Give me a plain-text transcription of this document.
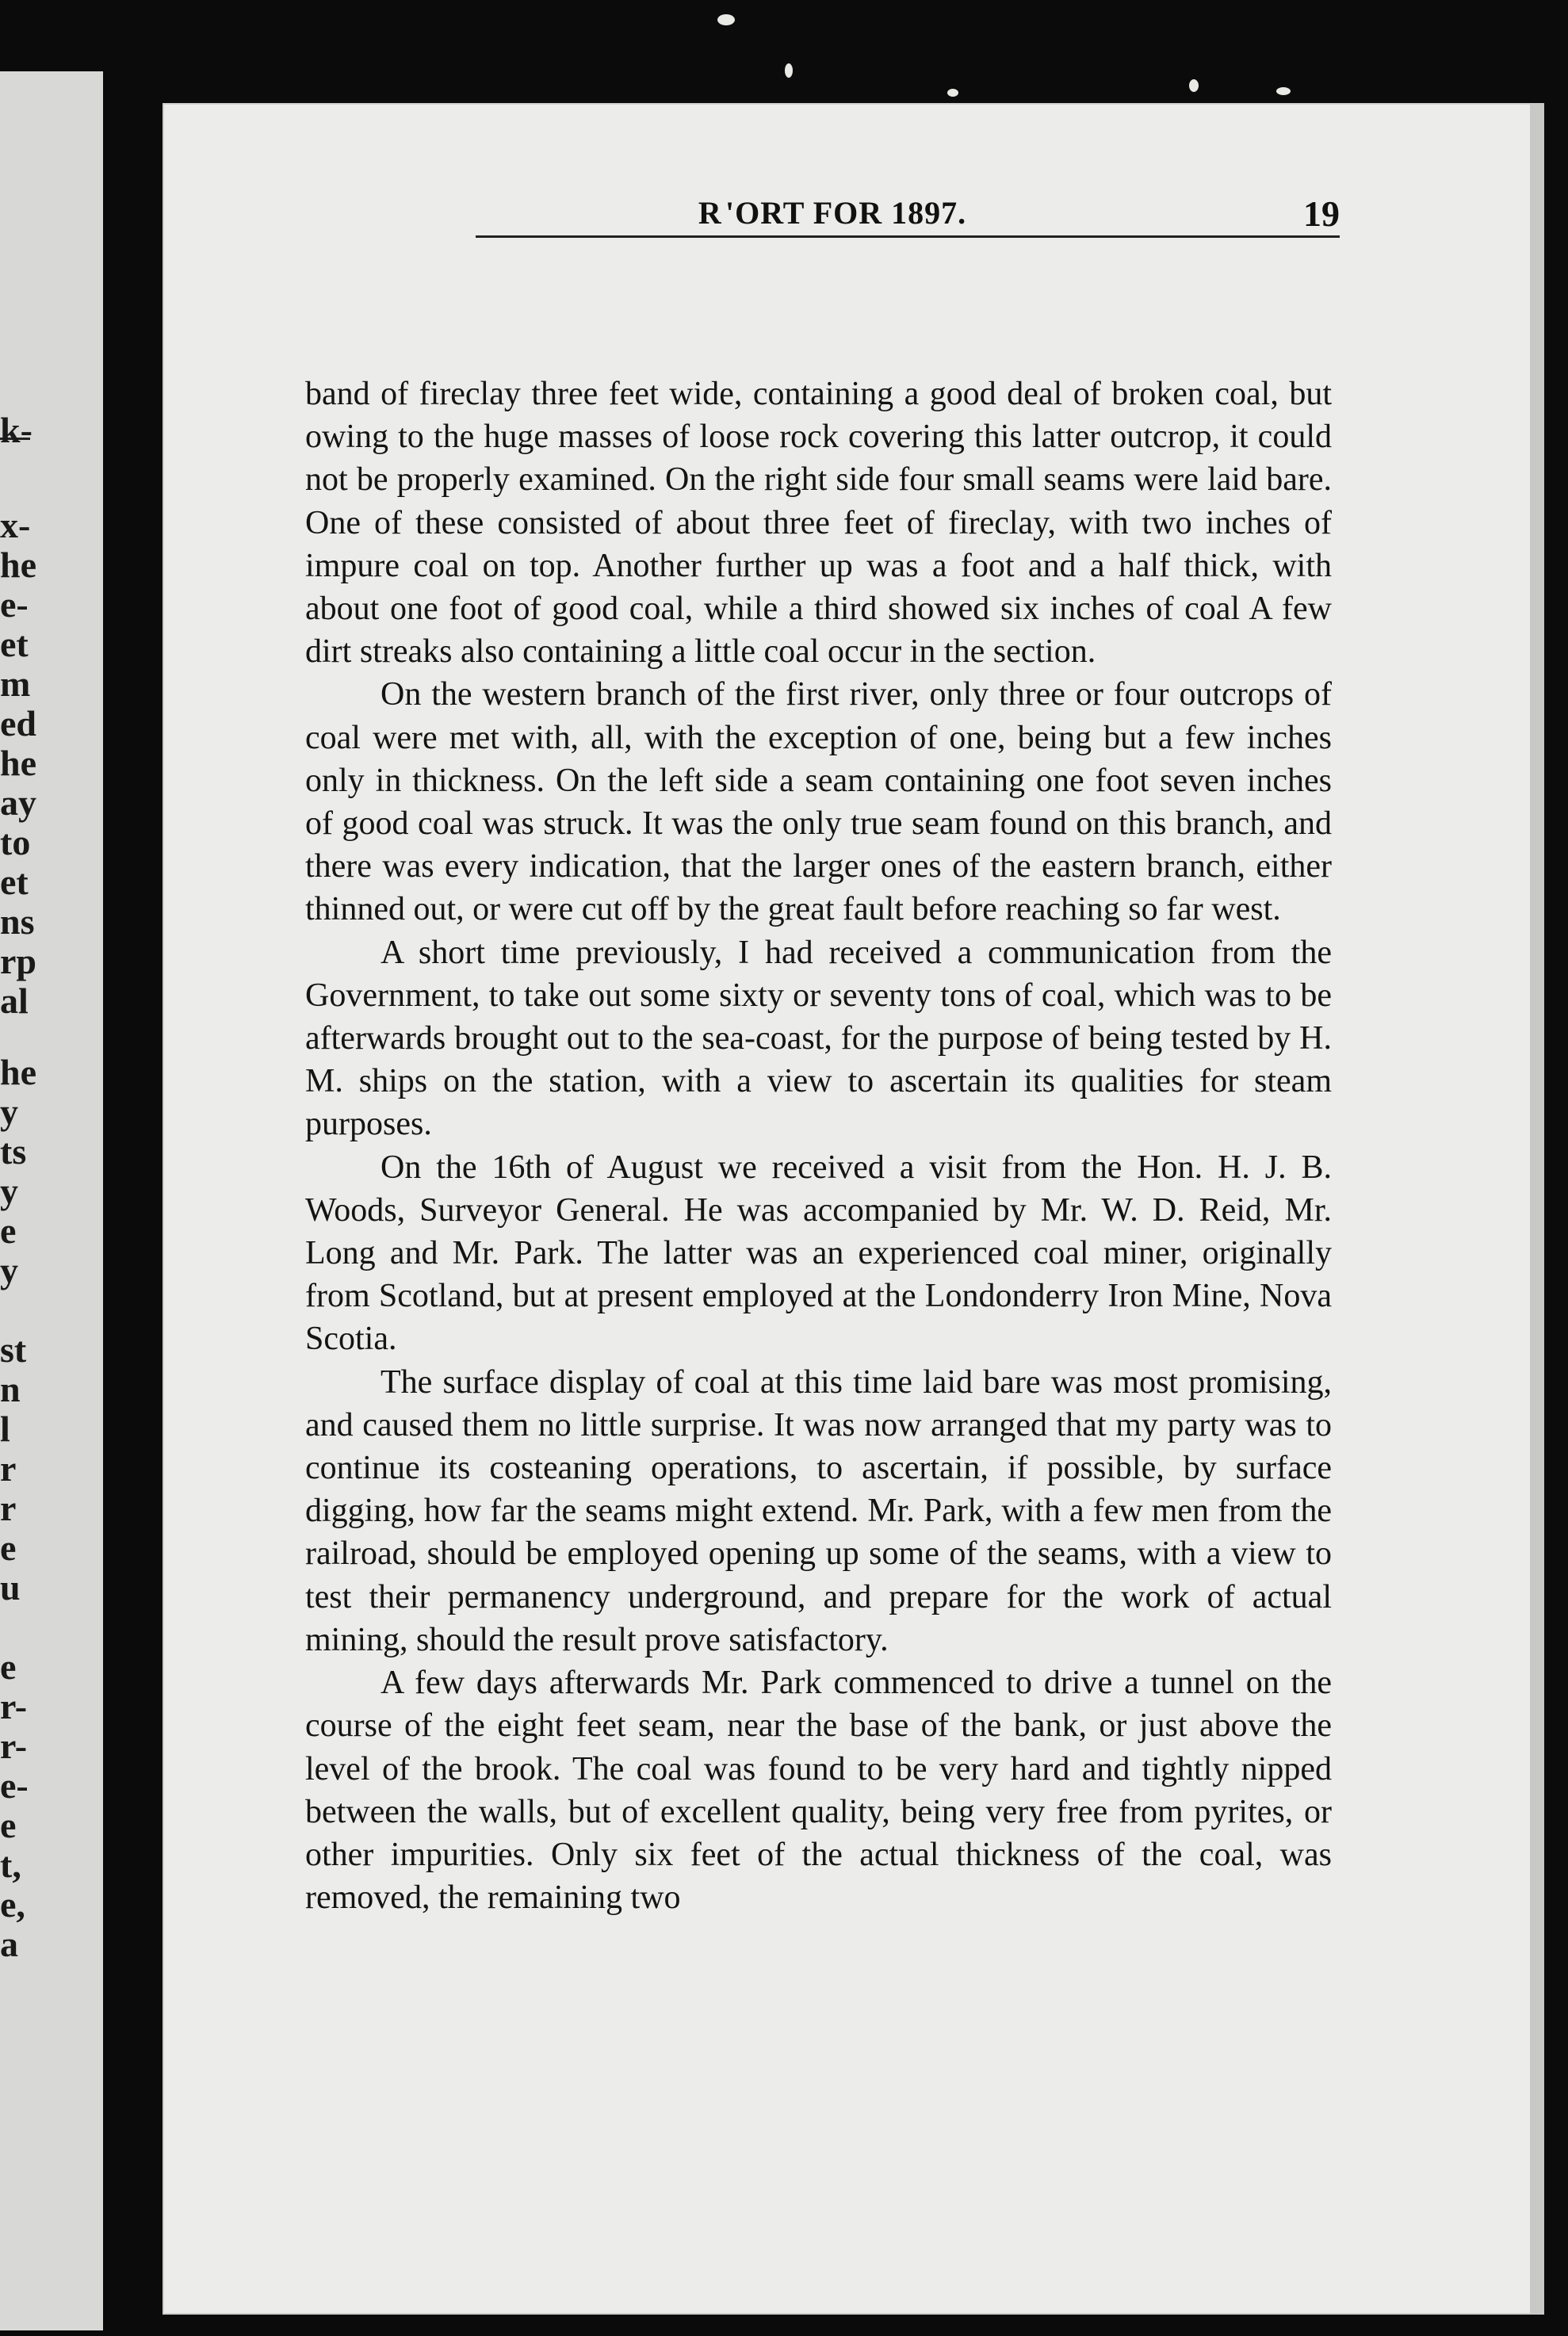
k-
x-
he
e-
et
m
ed
he
ay
to
et
ns
rp
al
he
y
ts
y
e
y
st
n
l
r
r
e
u
e
r-
r-
e-
e
t,
e,
a
R 'ORT FOR 1897.	19

band of fireclay three feet wide, containing a good deal of broken coal, but owing to the huge masses of loose rock covering this latter outcrop, it could not be properly examined. On the right side four small seams were laid bare. One of these consisted of about three feet of fireclay, with two inches of impure coal on top. Another further up was a foot and a half thick, with about one foot of good coal, while a third showed six inches of coal A few dirt streaks also containing a little coal occur in the section.

On the western branch of the first river, only three or four outcrops of coal were met with, all, with the exception of one, being but a few inches only in thickness. On the left side a seam containing one foot seven inches of good coal was struck. It was the only true seam found on this branch, and there was every indication, that the larger ones of the eastern branch, either thinned out, or were cut off by the great fault before reaching so far west.

A short time previously, I had received a communication from the Government, to take out some sixty or seventy tons of coal, which was to be afterwards brought out to the sea-coast, for the purpose of being tested by H. M. ships on the station, with a view to ascertain its qualities for steam purposes.

On the 16th of August we received a visit from the Hon. H. J. B. Woods, Surveyor General. He was accompanied by Mr. W. D. Reid, Mr. Long and Mr. Park. The latter was an experienced coal miner, originally from Scotland, but at present employed at the Londonderry Iron Mine, Nova Scotia.

The surface display of coal at this time laid bare was most promising, and caused them no little surprise. It was now arranged that my party was to continue its costeaning operations, to ascertain, if possible, by surface digging, how far the seams might extend. Mr. Park, with a few men from the railroad, should be employed opening up some of the seams, with a view to test their permanency underground, and prepare for the work of actual mining, should the result prove satisfactory.

A few days afterwards Mr. Park commenced to drive a tunnel on the course of the eight feet seam, near the base of the bank, or just above the level of the brook. The coal was found to be very hard and tightly nipped between the walls, but of excellent quality, being very free from pyrites, or other impurities. Only six feet of the actual thickness of the coal, was removed, the remaining two
